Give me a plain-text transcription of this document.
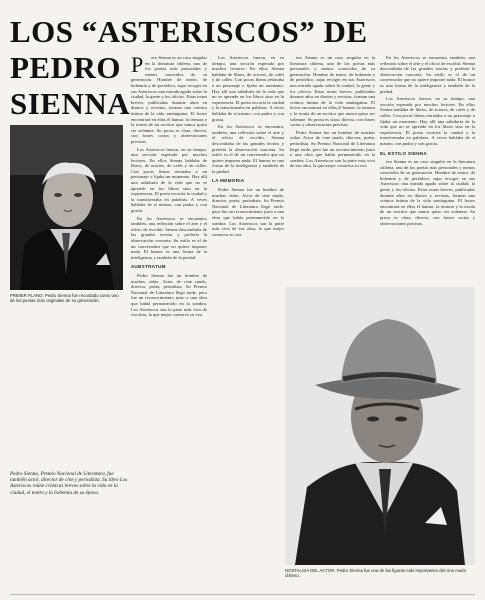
LOS “ASTERISCOS” DE
PEDRO
SIENNA
PRIMER PLANO. Pedro Sienna fue recordado como uno de los poetas más originales de su generación.
NOSTALGIA DEL ACTOR. Pedro Sienna fue una de las figuras más importantes del cine mudo chileno.
P	ero Sienna es un caso singular en la literatura chilena, uno de los poetas más personales y menos conocidos de su generación. Hombre de teatro, de bohemia y de periódico, supo recoger en sus Asteriscos una mirada aguda sobre la ciudad, la gente y los oficios. Estas notas breves, publicadas durante años en diarios y revistas, forman una crónica íntima de la vida santiaguina. El lector encontrará en ellas el humor, la ternura y la ironía de un escritor que nunca quiso ser solemne. Su prosa es clara, directa, con frases cortas y observaciones precisas.

Los Asteriscos fueron, en su tiempo, una sección esperada por muchos lectores. En ellos Sienna hablaba de libros, de actores, de cafés y de calles. Con pocas líneas retrataba a un personaje o fijaba un momento. Hay allí una sabiduría de la vida que no se aprende en los libros sino en la experiencia. El poeta recorría la ciudad y la transformaba en palabras. A veces hablaba de sí mismo, con pudor y con gracia.

En los Asteriscos se encuentra, también, una reflexión sobre el arte y el oficio de escribir. Sienna desconfiaba de las grandes teorías y prefería la observación concreta. Su estilo es el de un conversador que no quiere imponer nada. El humor es una forma de la inteligencia y también de la piedad.

SUBSTRATUM

Pedro Sienna fue un hombre de muchas vidas. Actor de cine mudo, director, poeta, periodista. Su Premio Nacional de Literatura llegó tarde, pero fue un reconocimiento justo a una obra que había permanecido en la sombra. Los Asteriscos son la parte más viva de esa obra, la que mejor conserva su voz.

Los Asteriscos fueron, en su tiempo, una sección esperada por muchos lectores. En ellos Sienna hablaba de libros, de actores, de cafés y de calles. Con pocas líneas retrataba a un personaje o fijaba un momento. Hay allí una sabiduría de la vida que no se aprende en los libros sino en la experiencia. El poeta recorría la ciudad y la transformaba en palabras. A veces hablaba de sí mismo, con pudor y con gracia.

En los Asteriscos se encuentra, también, una reflexión sobre el arte y el oficio de escribir. Sienna desconfiaba de las grandes teorías y prefería la observación concreta. Su estilo es el de un conversador que no quiere imponer nada. El humor es una forma de la inteligencia y también de la piedad.

LA MEMORIA

Pedro Sienna fue un hombre de muchas vidas. Actor de cine mudo, director, poeta, periodista. Su Premio Nacional de Literatura llegó tarde, pero fue un reconocimiento justo a una obra que había permanecido en la sombra. Los Asteriscos son la parte más viva de esa obra, la que mejor conserva su voz.

ero Sienna es un caso singular en la literatura chilena, uno de los poetas más personales y menos conocidos de su generación. Hombre de teatro, de bohemia y de periódico, supo recoger en sus Asteriscos una mirada aguda sobre la ciudad, la gente y los oficios. Estas notas breves, publicadas durante años en diarios y revistas, forman una crónica íntima de la vida santiaguina. El lector encontrará en ellas el humor, la ternura y la ironía de un escritor que nunca quiso ser solemne. Su prosa es clara, directa, con frases cortas y observaciones precisas.

Pedro Sienna fue un hombre de muchas vidas. Actor de cine mudo, director, poeta, periodista. Su Premio Nacional de Literatura llegó tarde, pero fue un reconocimiento justo a una obra que había permanecido en la sombra. Los Asteriscos son la parte más viva de esa obra, la que mejor conserva su voz.

En los Asteriscos se encuentra, también, una reflexión sobre el arte y el oficio de escribir. Sienna desconfiaba de las grandes teorías y prefería la observación concreta. Su estilo es el de un conversador que no quiere imponer nada. El humor es una forma de la inteligencia y también de la piedad.

Los Asteriscos fueron, en su tiempo, una sección esperada por muchos lectores. En ellos Sienna hablaba de libros, de actores, de cafés y de calles. Con pocas líneas retrataba a un personaje o fijaba un momento. Hay allí una sabiduría de la vida que no se aprende en los libros sino en la experiencia. El poeta recorría la ciudad y la transformaba en palabras. A veces hablaba de sí mismo, con pudor y con gracia.

EL ESTILO SIENNA

ero Sienna es un caso singular en la literatura chilena, uno de los poetas más personales y menos conocidos de su generación. Hombre de teatro, de bohemia y de periódico, supo recoger en sus Asteriscos una mirada aguda sobre la ciudad, la gente y los oficios. Estas notas breves, publicadas durante años en diarios y revistas, forman una crónica íntima de la vida santiaguina. El lector encontrará en ellas el humor, la ternura y la ironía de un escritor que nunca quiso ser solemne. Su prosa es clara, directa, con frases cortas y observaciones precisas.

Pedro Sienna, Premio Nacional de Literatura, fue también actor, director de cine y periodista. Su libro Los Asteriscos reúne crónicas breves sobre la vida en la ciudad, el teatro y la bohemia de su época.
